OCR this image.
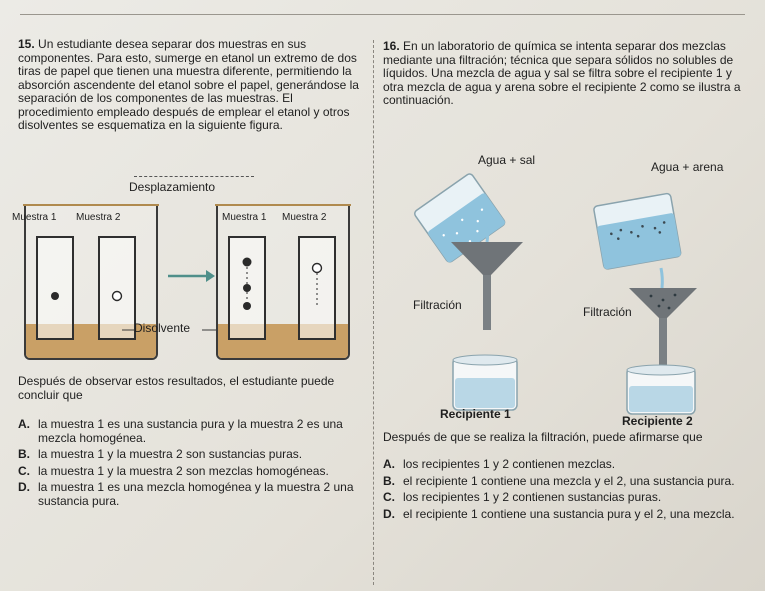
15. Un estudiante desea separar dos muestras en sus componentes. Para esto, sumerge en etanol un extremo de dos tiras de papel que tienen una muestra diferente, permitiendo la absorción ascendente del etanol sobre el papel, generándose la separación de los componentes de las muestras. El procedimiento empleado después de emplear el etanol y otros disolventes se esquematiza en la siguiente figura.

Desplazamiento
Muestra 1 Muestra 2	Muestra 1 Muestra 2
Disolvente

Después de observar estos resultados, el estudiante puede concluir que

A. la muestra 1 es una sustancia pura y la muestra 2 es una mezcla homogénea.
B. la muestra 1 y la muestra 2 son sustancias puras.
C. la muestra 1 y la muestra 2 son mezclas homogéneas.
D. la muestra 1 es una mezcla homogénea y la muestra 2 una sustancia pura.

16. En un laboratorio de química se intenta separar dos mezclas mediante una filtración; técnica que separa sólidos no solubles de líquidos. Una mezcla de agua y sal se filtra sobre el recipiente 1 y otra mezcla de agua y arena sobre el recipiente 2 como se ilustra a continuación.

Agua + sal	Agua + arena
Filtración	Filtración
Recipiente 1	Recipiente 2

Después de que se realiza la filtración, puede afirmarse que

A. los recipientes 1 y 2 contienen mezclas.
B. el recipiente 1 contiene una mezcla y el 2, una sustancia pura.
C. los recipientes 1 y 2 contienen sustancias puras.
D. el recipiente 1 contiene una sustancia pura y el 2, una mezcla.
